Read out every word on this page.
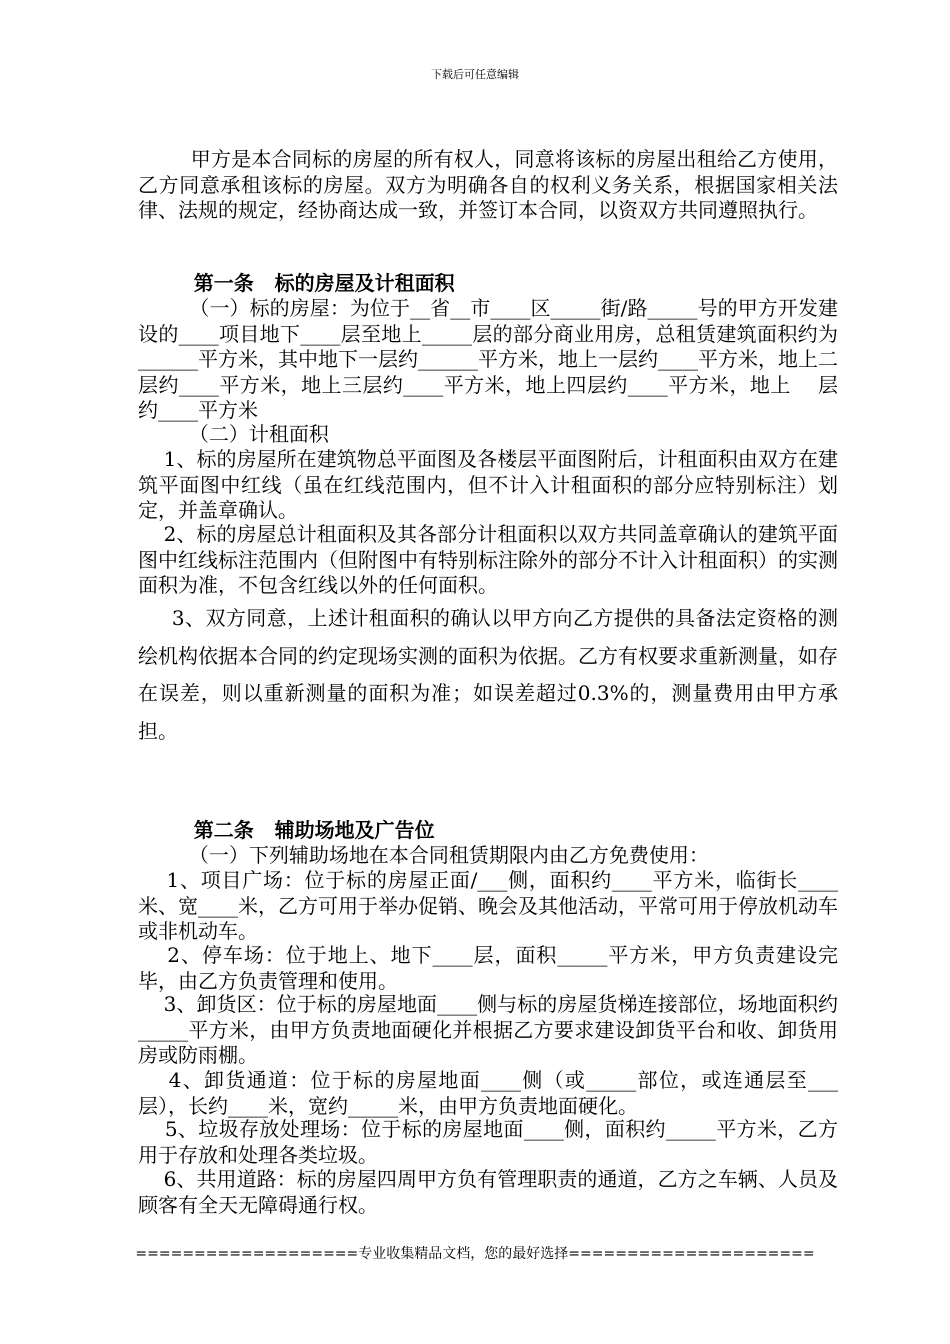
下载后可任意编辑
甲方是本合同标的房屋的所有权人，同意将该标的房屋出租给乙方使用，乙方同意承租该标的房屋。双方为明确各自的权利义务关系，根据国家相关法律、法规的规定，经协商达成一致，并签订本合同，以资双方共同遵照执行。
第一条   标的房屋及计租面积
（一）标的房屋：为位于__省__市____区_____街/路_____号的甲方开发建设的____项目地下____层至地上_____层的部分商业用房，总租赁建筑面积约为______平方米，其中地下一层约______平方米，地上一层约____平方米，地上二层约____平方米，地上三层约____平方米，地上四层约____平方米，地上    层约____平方米
（二）计租面积
1、标的房屋所在建筑物总平面图及各楼层平面图附后，计租面积由双方在建筑平面图中红线（虽在红线范围内，但不计入计租面积的部分应特别标注）划定，并盖章确认。
2、标的房屋总计租面积及其各部分计租面积以双方共同盖章确认的建筑平面图中红线标注范围内（但附图中有特别标注除外的部分不计入计租面积）的实测面积为准，不包含红线以外的任何面积。
3、双方同意，上述计租面积的确认以甲方向乙方提供的具备法定资格的测绘机构依据本合同的约定现场实测的面积为依据。乙方有权要求重新测量，如存在误差，则以重新测量的面积为准；如误差超过0.3%的，测量费用由甲方承担。
第二条   辅助场地及广告位
（一）下列辅助场地在本合同租赁期限内由乙方免费使用：
1、项目广场：位于标的房屋正面/___侧，面积约____平方米，临街长____米、宽____米，乙方可用于举办促销、晚会及其他活动，平常可用于停放机动车或非机动车。
2、停车场：位于地上、地下____层，面积_____平方米，甲方负责建设完毕，由乙方负责管理和使用。
3、卸货区：位于标的房屋地面____侧与标的房屋货梯连接部位，场地面积约_____平方米，由甲方负责地面硬化并根据乙方要求建设卸货平台和收、卸货用房或防雨棚。
4、卸货通道：位于标的房屋地面____侧（或_____部位，或连通层至___层），长约____米，宽约_____米，由甲方负责地面硬化。
5、垃圾存放处理场：位于标的房屋地面____侧，面积约_____平方米，乙方用于存放和处理各类垃圾。
6、共用道路：标的房屋四周甲方负有管理职责的通道，乙方之车辆、人员及顾客有全天无障碍通行权。
===================专业收集精品文档，您的最好选择=====================
